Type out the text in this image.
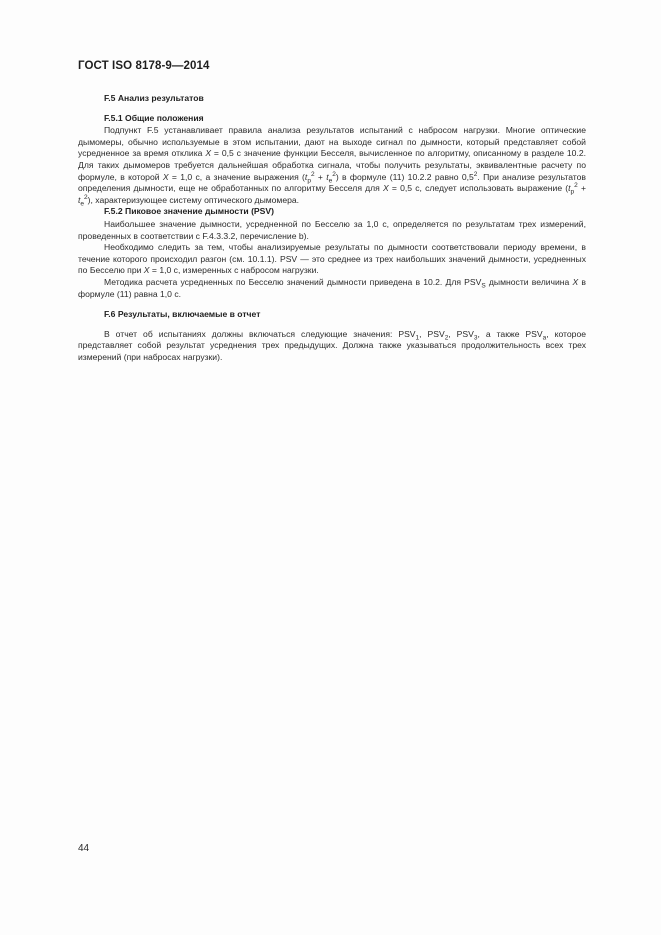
ГОСТ ISO 8178-9—2014
F.5 Анализ результатов
F.5.1 Общие положения

Подпункт F.5 устанавливает правила анализа результатов испытаний с набросом нагрузки. Многие оптические дымомеры, обычно используемые в этом испытании, дают на выходе сигнал по дымности, который представляет собой усредненное за время отклика X = 0,5 с значение функции Бесселя, вычисленное по алгоритму, описанному в разделе 10.2. Для таких дымомеров требуется дальнейшая обработка сигнала, чтобы получить результаты, эквивалентные расчету по формуле, в которой X = 1,0 с, а значение выражения $(t_p^2 + t_e^2)$ в формуле (11) 10.2.2 равно $0,5^2$. При анализе результатов определения дымности, еще не обработанных по алгоритму Бесселя для X = 0,5 с, следует использовать выражение $(t_p^2 + t_e^2)$, характеризующее систему оптического дымомера.

F.5.2 Пиковое значение дымности (PSV)

Наибольшее значение дымности, усредненной по Бесселю за 1,0 с, определяется по результатам трех измерений, проведенных в соответствии с F.4.3.3.2, перечисление b).

Необходимо следить за тем, чтобы анализируемые результаты по дымности соответствовали периоду времени, в течение которого происходил разгон (см. 10.1.1). PSV — это среднее из трех наибольших значений дымности, усредненных по Бесселю при X = 1,0 с, измеренных с набросом нагрузки.

Методика расчета усредненных по Бесселю значений дымности приведена в 10.2. Для $PSV_S$ дымности величина X в формуле (11) равна 1,0 с.

F.6 Результаты, включаемые в отчет

В отчет об испытаниях должны включаться следующие значения: $PSV_1$, $PSV_2$, $PSV_3$, а также $PSV_a$, которое представляет собой результат усреднения трех предыдущих. Должна также указываться продолжительность всех трех измерений (при набросах нагрузки).

44
